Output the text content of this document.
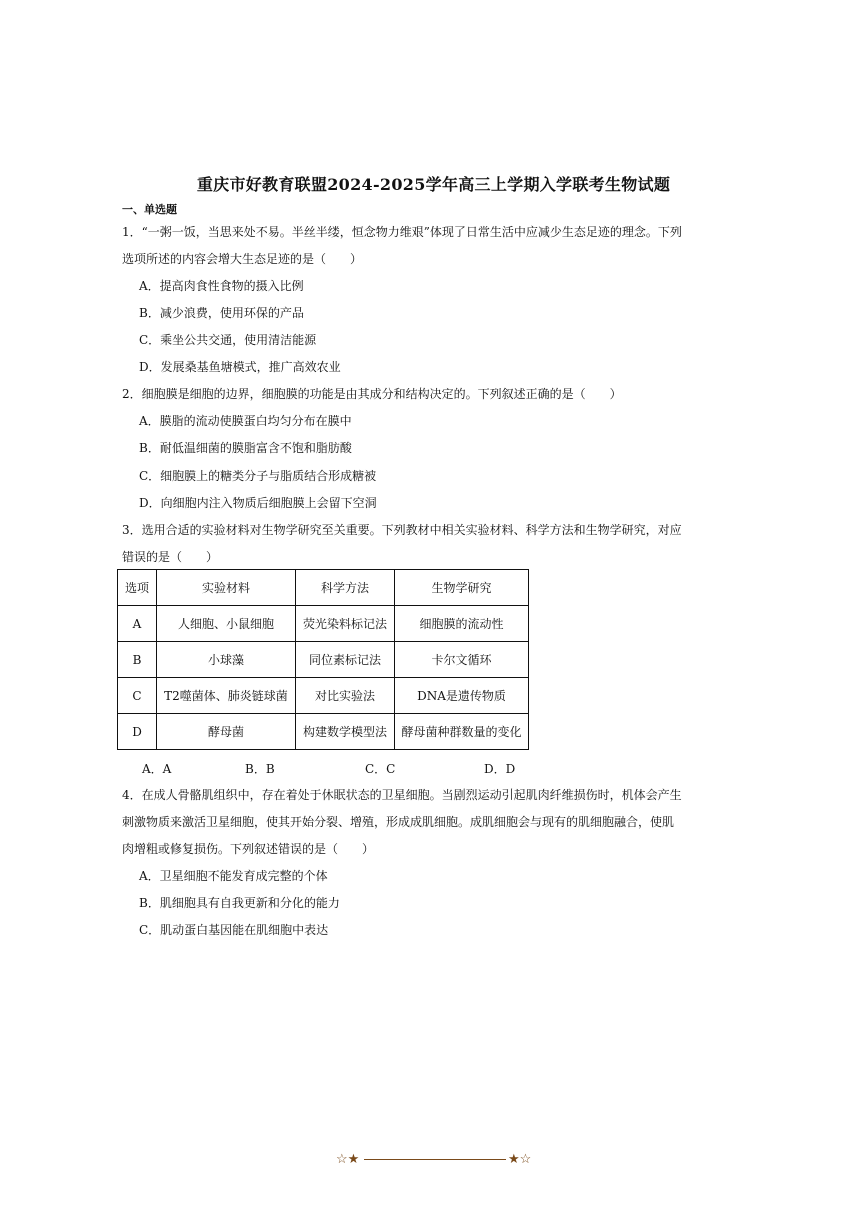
重庆市好教育联盟2024-2025学年高三上学期入学联考生物试题
一、单选题
1．“一粥一饭，当思来处不易。半丝半缕，恒念物力维艰”体现了日常生活中应减少生态足迹的理念。下列
选项所述的内容会增大生态足迹的是（　　）
A．提高肉食性食物的摄入比例
B．减少浪费，使用环保的产品
C．乘坐公共交通，使用清洁能源
D．发展桑基鱼塘模式，推广高效农业
2．细胞膜是细胞的边界，细胞膜的功能是由其成分和结构决定的。下列叙述正确的是（　　）
A．膜脂的流动使膜蛋白均匀分布在膜中
B．耐低温细菌的膜脂富含不饱和脂肪酸
C．细胞膜上的糖类分子与脂质结合形成糖被
D．向细胞内注入物质后细胞膜上会留下空洞
3．选用合适的实验材料对生物学研究至关重要。下列教材中相关实验材料、科学方法和生物学研究，对应
错误的是（　　）
选项	实验材料	科学方法	生物学研究
A	人细胞、小鼠细胞	荧光染料标记法	细胞膜的流动性
B	小球藻	同位素标记法	卡尔文循环
C	T2噬菌体、肺炎链球菌	对比实验法	DNA是遗传物质
D	酵母菌	构建数学模型法	酵母菌种群数量的变化
A．A	B．B	C．C	D．D
4．在成人骨骼肌组织中，存在着处于休眠状态的卫星细胞。当剧烈运动引起肌肉纤维损伤时，机体会产生
刺激物质来激活卫星细胞，使其开始分裂、增殖，形成成肌细胞。成肌细胞会与现有的肌细胞融合，使肌
肉增粗或修复损伤。下列叙述错误的是（　　）
A．卫星细胞不能发育成完整的个体
B．肌细胞具有自我更新和分化的能力
C．肌动蛋白基因能在肌细胞中表达
☆★	★☆
